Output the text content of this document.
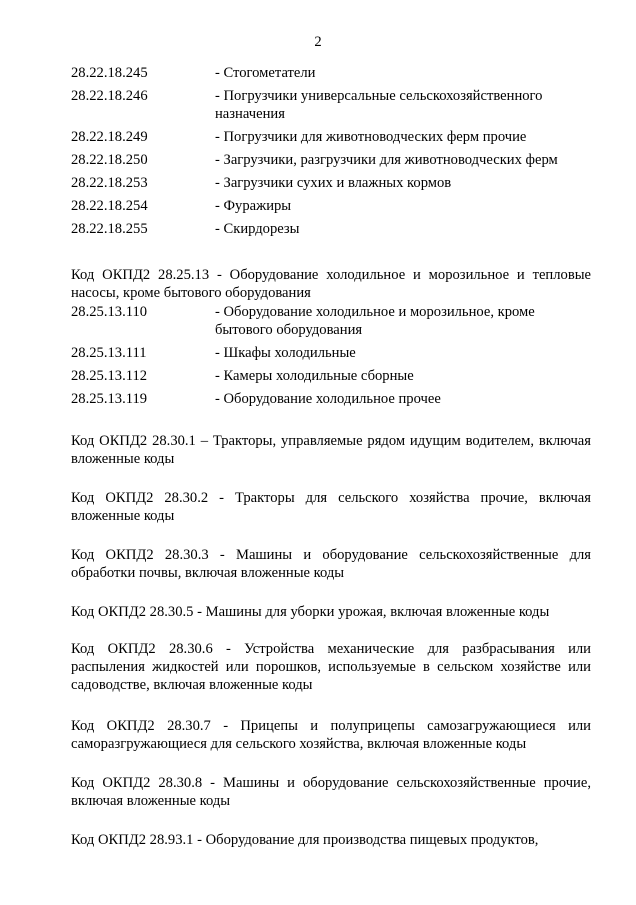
2
28.22.18.245	- Стогометатели
28.22.18.246	- Погрузчики универсальные сельскохозяйственного назначения
28.22.18.249	- Погрузчики для животноводческих ферм прочие
28.22.18.250	- Загрузчики, разгрузчики для животноводческих ферм
28.22.18.253	- Загрузчики сухих и влажных кормов
28.22.18.254	- Фуражиры
28.22.18.255	- Скирдорезы
Код ОКПД2 28.25.13 - Оборудование холодильное и морозильное и тепловые насосы, кроме бытового оборудования
28.25.13.110	- Оборудование холодильное и морозильное, кроме бытового оборудования
28.25.13.111	- Шкафы холодильные
28.25.13.112	- Камеры холодильные сборные
28.25.13.119	- Оборудование холодильное прочее
Код ОКПД2 28.30.1 – Тракторы, управляемые рядом идущим водителем, включая вложенные коды
Код ОКПД2 28.30.2 - Тракторы для сельского хозяйства прочие, включая вложенные коды
Код ОКПД2 28.30.3 - Машины и оборудование сельскохозяйственные для обработки почвы, включая вложенные коды
Код ОКПД2 28.30.5 - Машины для уборки урожая, включая вложенные коды
Код ОКПД2 28.30.6 - Устройства механические для разбрасывания или распыления жидкостей или порошков, используемые в сельском хозяйстве или садоводстве, включая вложенные коды
Код ОКПД2 28.30.7 - Прицепы и полуприцепы самозагружающиеся или саморазгружающиеся для сельского хозяйства, включая вложенные коды
Код ОКПД2 28.30.8 - Машины и оборудование сельскохозяйственные прочие, включая вложенные коды
Код ОКПД2 28.93.1 - Оборудование для производства пищевых продуктов,
